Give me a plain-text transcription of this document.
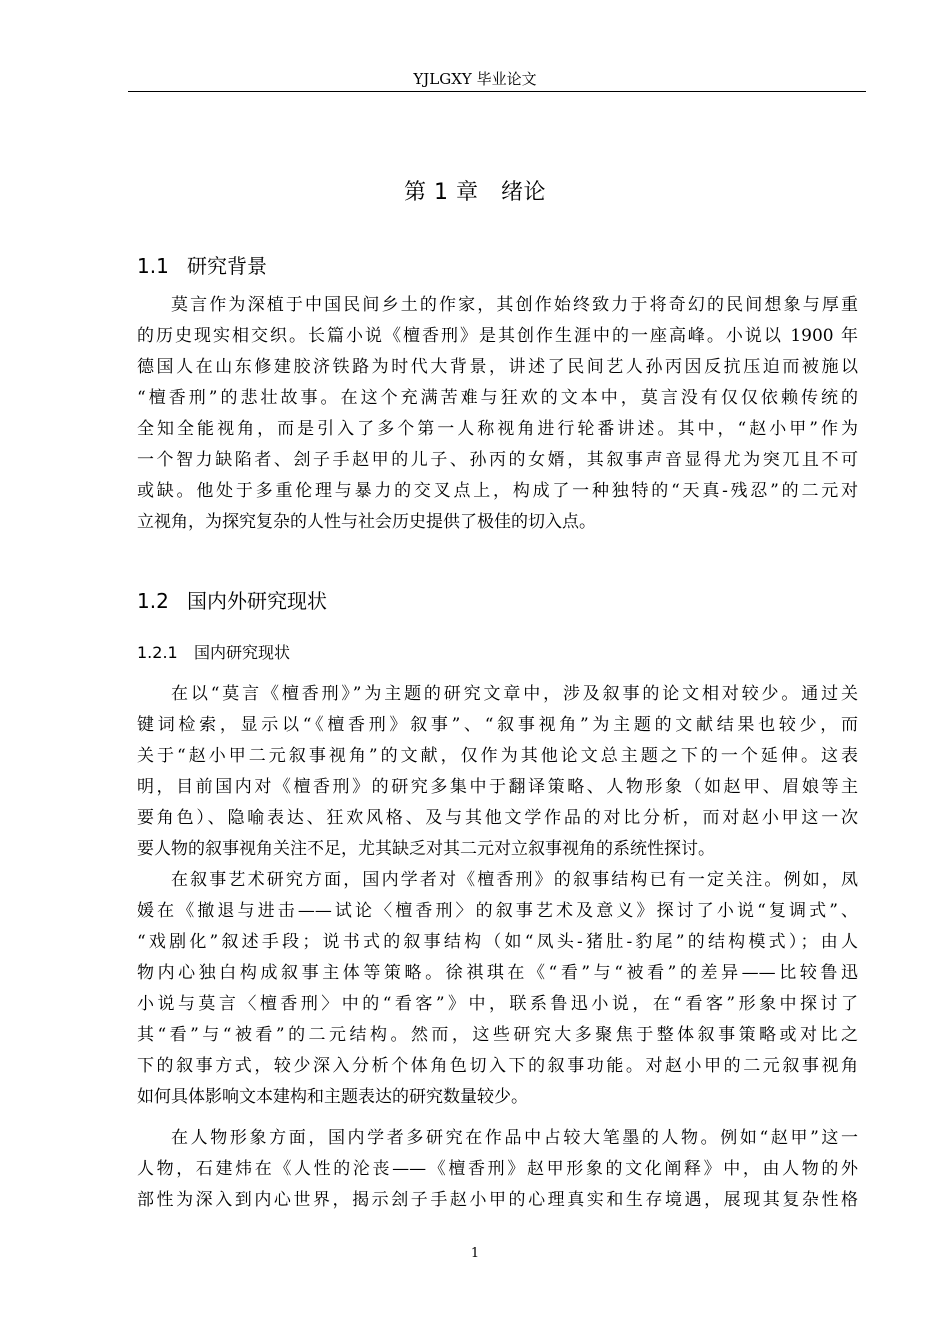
YJLGXY 毕业论文
第 1 章　绪论
1.1 研究背景
莫言作为深植于中国民间乡土的作家，其创作始终致力于将奇幻的民间想象与厚重
的历史现实相交织。长篇小说《檀香刑》是其创作生涯中的一座高峰。小说以 1900 年
德国人在山东修建胶济铁路为时代大背景，讲述了民间艺人孙丙因反抗压迫而被施以
“檀香刑”的悲壮故事。在这个充满苦难与狂欢的文本中，莫言没有仅仅依赖传统的
全知全能视角，而是引入了多个第一人称视角进行轮番讲述。其中，“赵小甲”作为
一个智力缺陷者、刽子手赵甲的儿子、孙丙的女婿，其叙事声音显得尤为突兀且不可
或缺。他处于多重伦理与暴力的交叉点上，构成了一种独特的“天真-残忍”的二元对
立视角，为探究复杂的人性与社会历史提供了极佳的切入点。
1.2 国内外研究现状
1.2.1 国内研究现状
在以“莫言《檀香刑》”为主题的研究文章中，涉及叙事的论文相对较少。通过关
键词检索，显示以“《檀香刑》叙事”、“叙事视角”为主题的文献结果也较少，而
关于“赵小甲二元叙事视角”的文献，仅作为其他论文总主题之下的一个延伸。这表
明，目前国内对《檀香刑》的研究多集中于翻译策略、人物形象（如赵甲、眉娘等主
要角色）、隐喻表达、狂欢风格、及与其他文学作品的对比分析，而对赵小甲这一次
要人物的叙事视角关注不足，尤其缺乏对其二元对立叙事视角的系统性探讨。
在叙事艺术研究方面，国内学者对《檀香刑》的叙事结构已有一定关注。例如，凤
媛在《撤退与进击——试论〈檀香刑〉的叙事艺术及意义》探讨了小说“复调式”、
“戏剧化”叙述手段；说书式的叙事结构（如“凤头-猪肚-豹尾”的结构模式）；由人
物内心独白构成叙事主体等策略。徐祺琪在《“看”与“被看”的差异——比较鲁迅
小说与莫言〈檀香刑〉中的“看客”》中，联系鲁迅小说，在“看客”形象中探讨了
其“看”与“被看”的二元结构。然而，这些研究大多聚焦于整体叙事策略或对比之
下的叙事方式，较少深入分析个体角色切入下的叙事功能。对赵小甲的二元叙事视角
如何具体影响文本建构和主题表达的研究数量较少。
在人物形象方面，国内学者多研究在作品中占较大笔墨的人物。例如“赵甲”这一
人物，石建炜在《人性的沦丧——《檀香刑》赵甲形象的文化阐释》中，由人物的外
部性为深入到内心世界，揭示刽子手赵小甲的心理真实和生存境遇，展现其复杂性格
1
